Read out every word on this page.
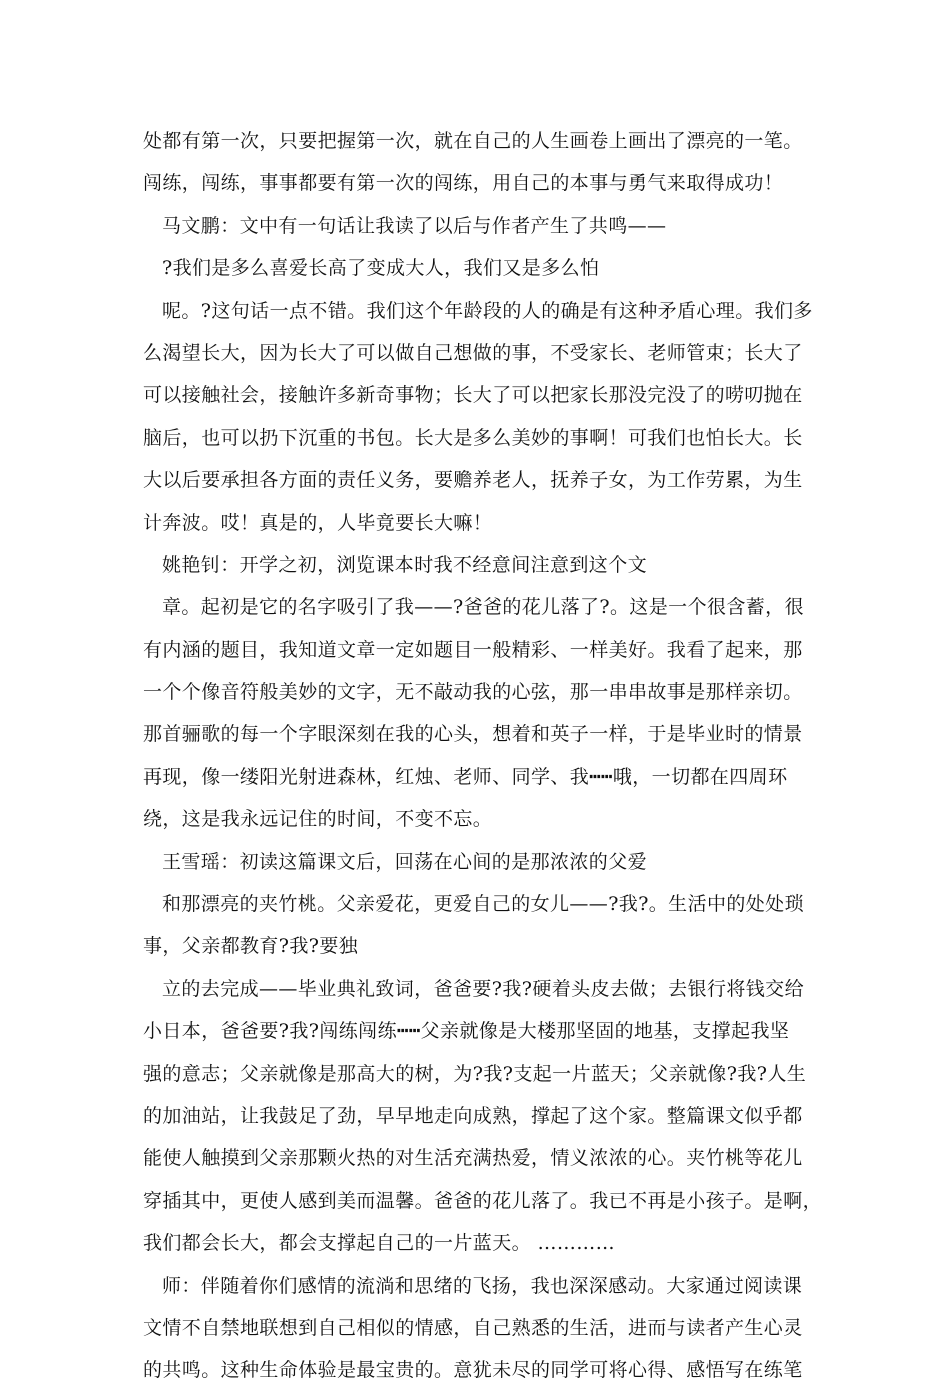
处都有第一次，只要把握第一次，就在自己的人生画卷上画出了漂亮的一笔。
闯练，闯练，事事都要有第一次的闯练，用自己的本事与勇气来取得成功！
马文鹏：文中有一句话让我读了以后与作者产生了共鸣——
?我们是多么喜爱长高了变成大人，我们又是多么怕
呢。?这句话一点不错。我们这个年龄段的人的确是有这种矛盾心理。我们多
么渴望长大，因为长大了可以做自己想做的事，不受家长、老师管束；长大了
可以接触社会，接触许多新奇事物；长大了可以把家长那没完没了的唠叨抛在
脑后，也可以扔下沉重的书包。长大是多么美妙的事啊！可我们也怕长大。长
大以后要承担各方面的责任义务，要赡养老人，抚养子女，为工作劳累，为生
计奔波。哎！真是的，人毕竟要长大嘛！
姚艳钊：开学之初，浏览课本时我不经意间注意到这个文
章。起初是它的名字吸引了我——?爸爸的花儿落了?。这是一个很含蓄，很
有内涵的题目，我知道文章一定如题目一般精彩、一样美好。我看了起来，那
一个个像音符般美妙的文字，无不敲动我的心弦，那一串串故事是那样亲切。
那首骊歌的每一个字眼深刻在我的心头，想着和英子一样，于是毕业时的情景
再现，像一缕阳光射进森林，红烛、老师、同学、我┅┅哦，一切都在四周环
绕，这是我永远记住的时间，不变不忘。
王雪瑶：初读这篇课文后，回荡在心间的是那浓浓的父爱
和那漂亮的夹竹桃。父亲爱花，更爱自己的女儿——?我?。生活中的处处琐
事，父亲都教育?我?要独
立的去完成——毕业典礼致词，爸爸要?我?硬着头皮去做；去银行将钱交给
小日本，爸爸要?我?闯练闯练┅┅父亲就像是大楼那坚固的地基，支撑起我坚
强的意志；父亲就像是那高大的树，为?我?支起一片蓝天；父亲就像?我?人生
的加油站，让我鼓足了劲，早早地走向成熟，撑起了这个家。整篇课文似乎都
能使人触摸到父亲那颗火热的对生活充满热爱，情义浓浓的心。夹竹桃等花儿
穿插其中，更使人感到美而温馨。爸爸的花儿落了。我已不再是小孩子。是啊，
我们都会长大，都会支撑起自己的一片蓝天。 …………
师：伴随着你们感情的流淌和思绪的飞扬，我也深深感动。大家通过阅读课
文情不自禁地联想到自己相似的情感，自己熟悉的生活，进而与读者产生心灵
的共鸣。这种生命体验是最宝贵的。意犹未尽的同学可将心得、感悟写在练笔
